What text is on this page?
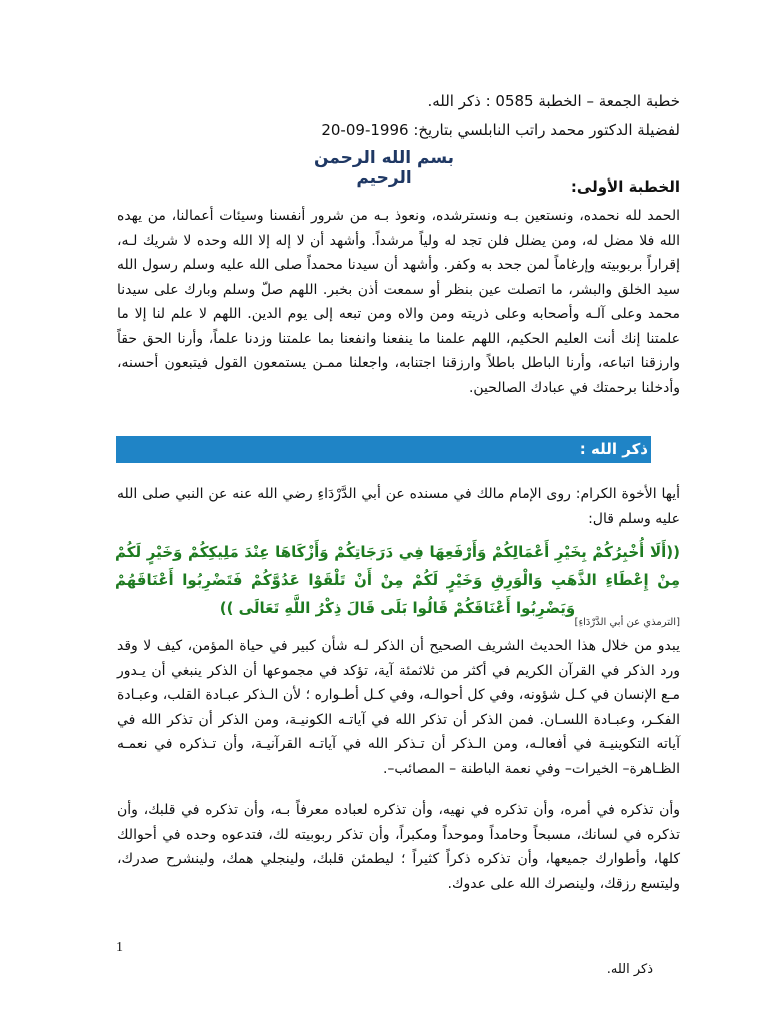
خطبة الجمعة – الخطبة 0585 : ذكر الله.
لفضيلة الدكتور محمد راتب النابلسي بتاريخ: 1996-09-20
بسم الله الرحمن الرحيم	الخطبة الأولى:
الحمد لله نحمده، ونستعين بـه ونسترشده، ونعوذ بـه من شرور أنفسنا وسيئات أعمالنا، من يهده الله فلا مضل له، ومن يضلل فلن تجد له ولياً مرشداً. وأشهد أن لا إله إلا الله وحده لا شريك لـه، إقراراً بربوبيته وإرغاماً لمن جحد به وكفر. وأشهد أن سيدنا محمداً صلى الله عليه وسلم رسول الله سيد الخلق والبشر، ما اتصلت عين بنظر أو سمعت أذن بخبر. اللهم صلّ وسلم وبارك على سيدنا محمد وعلى آلـه وأصحابه وعلى ذريته ومن والاه ومن تبعه إلى يوم الدين. اللهم لا علم لنا إلا ما علمتنا إنك أنت العليم الحكيم، اللهم علمنا ما ينفعنا وانفعنا بما علمتنا وزدنا علماً، وأرنا الحق حقاً وارزقنا اتباعه، وأرنا الباطل باطلاً وارزقنا اجتنابه، واجعلنا ممـن يستمعون القول فيتبعون أحسنه، وأدخلنا برحمتك في عبادك الصالحين.
ذكر الله :
أيها الأخوة الكرام: روى الإمام مالك في مسنده عن أبي الدَّرْدَاءِ رضي الله عنه عن النبي صلى الله عليه وسلم قال:
((أَلَا أُخْبِرُكُمْ بِخَيْرِ أَعْمَالِكُمْ وَأَرْفَعِهَا فِي دَرَجَاتِكُمْ وَأَزْكَاهَا عِنْدَ مَلِيكِكُمْ وَخَيْرٍ لَكُمْ مِنْ إِعْطَاءِ الذَّهَبِ وَالْوَرِقِ وَخَيْرٍ لَكُمْ مِنْ أَنْ تَلْقَوْا عَدُوَّكُمْ فَتَضْرِبُوا أَعْنَاقَهُمْ وَيَضْرِبُوا أَعْنَاقَكُمْ قَالُوا بَلَى قَالَ ذِكْرُ اللَّهِ تَعَالَى ))
[الترمذي عن أبي الدَّرْدَاءِ]
يبدو من خلال هذا الحديث الشريف الصحيح أن الذكر لـه شأن كبير في حياة المؤمن، كيف لا وقد ورد الذكر في القرآن الكريم في أكثر من ثلاثمئة آية، تؤكد في مجموعها أن الذكر ينبغي أن يـدور مـع الإنسان في كـل شؤونه، وفي كل أحوالـه، وفي كـل أطـواره ؛ لأن الـذكر عبـادة القلب، وعبـادة الفكـر، وعبـادة اللسـان. فمن الذكر أن تذكر الله في آياتـه الكونيـة، ومن الذكر أن تذكر الله في آياته التكوينيـة في أفعالـه، ومن الـذكر أن تـذكر الله في آياتـه القرآنيـة، وأن تـذكره في نعمـه الظـاهرة– الخيرات– وفي نعمة الباطنة – المصائب–.
وأن تذكره في أمره، وأن تذكره في نهيه، وأن تذكره لعباده معرفاً بـه، وأن تذكره في قلبك، وأن تذكره في لسانك، مسبحاً وحامداً وموحداً ومكبراً، وأن تذكر ربوبيته لك، فتدعوه وحده في أحوالك كلها، وأطوارك جميعها، وأن تذكره ذكراً كثيراً ؛ ليطمئن قلبك، ولينجلي همك، ولينشرح صدرك، وليتسع رزقك، ولينصرك الله على عدوك.
1
ذكر الله.
